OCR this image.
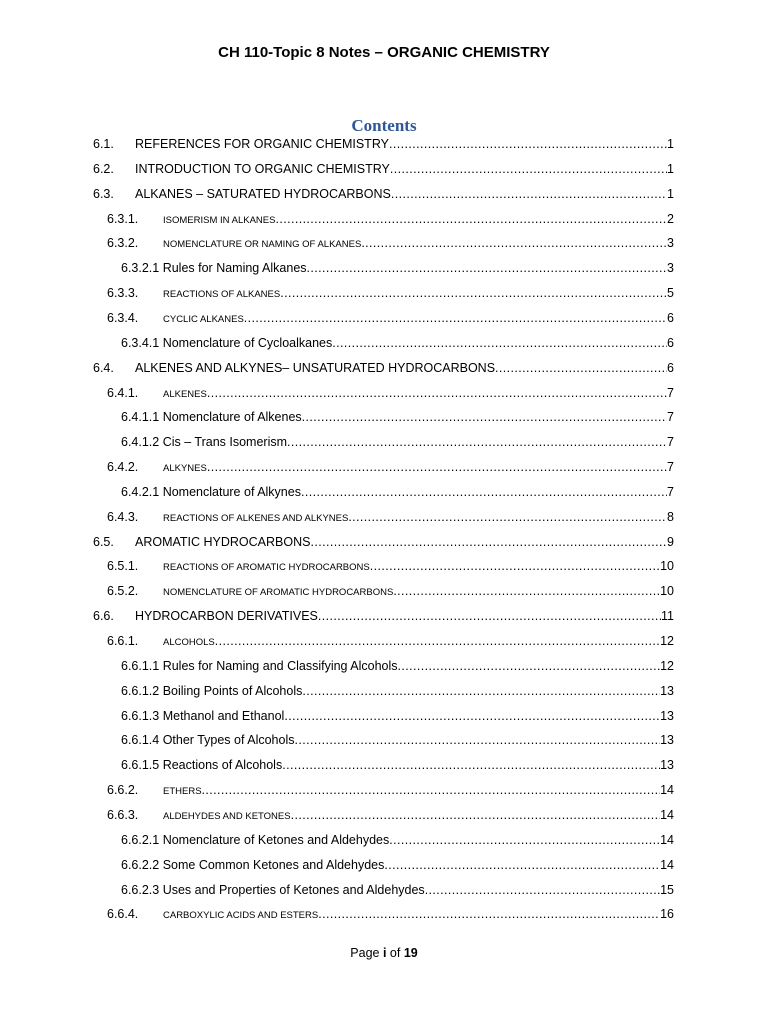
CH 110-Topic 8 Notes – ORGANIC CHEMISTRY
Contents
6.1.	REFERENCES FOR ORGANIC CHEMISTRY .....	1
6.2.	INTRODUCTION TO ORGANIC CHEMISTRY .....	1
6.3.	ALKANES – SATURATED HYDROCARBONS .....	1
6.3.1.	ISOMERISM IN ALKANES .....	2
6.3.2.	NOMENCLATURE OR NAMING OF ALKANES .....	3
6.3.2.1 Rules for Naming Alkanes .....	3
6.3.3.	REACTIONS OF ALKANES .....	5
6.3.4.	CYCLIC ALKANES .....	6
6.3.4.1 Nomenclature of Cycloalkanes .....	6
6.4.	ALKENES AND ALKYNES– UNSATURATED HYDROCARBONS .....	6
6.4.1.	ALKENES .....	7
6.4.1.1 Nomenclature of Alkenes .....	7
6.4.1.2 Cis – Trans Isomerism .....	7
6.4.2.	ALKYNES .....	7
6.4.2.1 Nomenclature of Alkynes .....	7
6.4.3.	REACTIONS OF ALKENES AND ALKYNES .....	8
6.5.	AROMATIC HYDROCARBONS .....	9
6.5.1.	REACTIONS OF AROMATIC HYDROCARBONS .....	10
6.5.2.	NOMENCLATURE OF AROMATIC HYDROCARBONS .....	10
6.6.	HYDROCARBON DERIVATIVES .....	11
6.6.1.	ALCOHOLS .....	12
6.6.1.1 Rules for Naming and Classifying Alcohols .....	12
6.6.1.2 Boiling Points of Alcohols .....	13
6.6.1.3 Methanol and Ethanol .....	13
6.6.1.4 Other Types of Alcohols .....	13
6.6.1.5 Reactions of Alcohols .....	13
6.6.2.	ETHERS .....	14
6.6.3.	ALDEHYDES AND KETONES .....	14
6.6.2.1 Nomenclature of Ketones and Aldehydes .....	14
6.6.2.2 Some Common Ketones and Aldehydes .....	14
6.6.2.3 Uses and Properties of Ketones and Aldehydes .....	15
6.6.4.	CARBOXYLIC ACIDS AND ESTERS .....	16
Page i of 19
